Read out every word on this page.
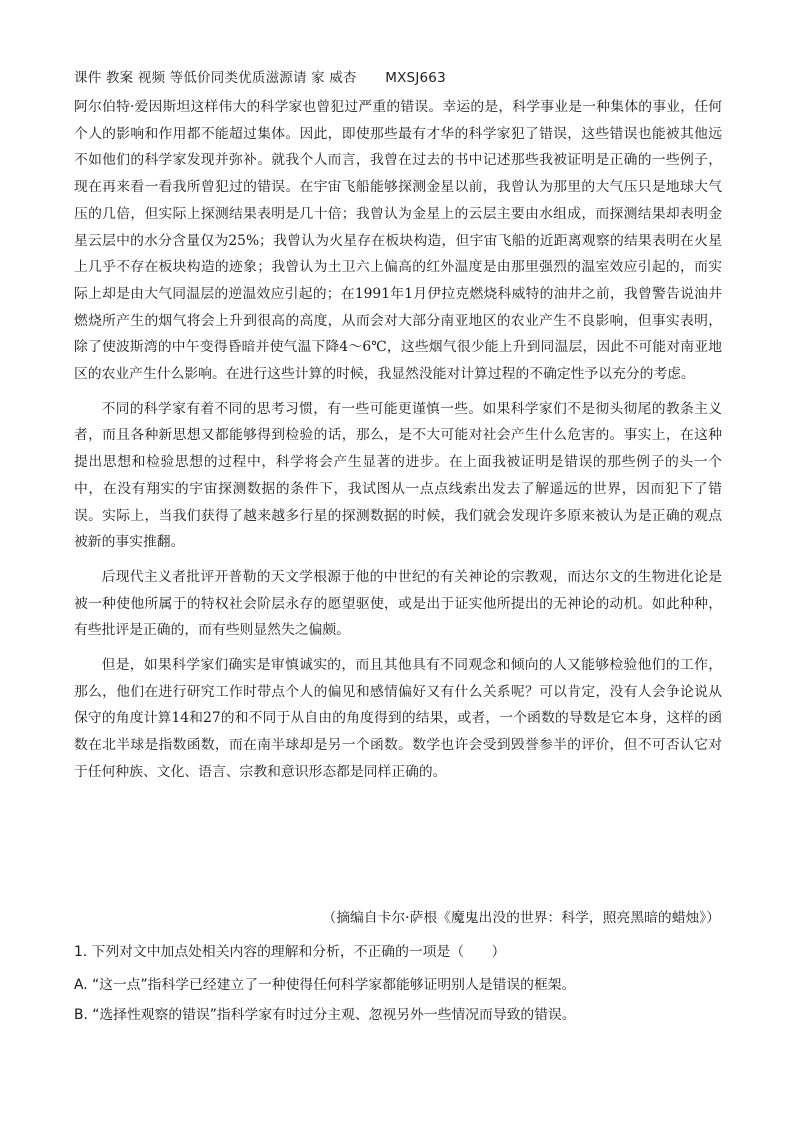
课件 教案 视频 等低价同类优质滋源请 家 威杏 MXSJ663

阿尔伯特·爱因斯坦这样伟大的科学家也曾犯过严重的错误。幸运的是，科学事业是一种集体的事业，任何个人的影响和作用都不能超过集体。因此，即使那些最有才华的科学家犯了错误，这些错误也能被其他远不如他们的科学家发现并弥补。就我个人而言，我曾在过去的书中记述那些我被证明是正确的一些例子，现在再来看一看我所曾犯过的错误。在宇宙飞船能够探测金星以前，我曾认为那里的大气压只是地球大气压的几倍，但实际上探测结果表明是几十倍；我曾认为金星上的云层主要由水组成，而探测结果却表明金星云层中的水分含量仅为25%；我曾认为火星存在板块构造，但宇宙飞船的近距离观察的结果表明在火星上几乎不存在板块构造的迹象；我曾认为土卫六上偏高的红外温度是由那里强烈的温室效应引起的，而实际上却是由大气同温层的逆温效应引起的；在1991年1月伊拉克燃烧科威特的油井之前，我曾警告说油井燃烧所产生的烟气将会上升到很高的高度，从而会对大部分南亚地区的农业产生不良影响，但事实表明，除了使波斯湾的中午变得昏暗并使气温下降4～6℃，这些烟气很少能上升到同温层，因此不可能对南亚地区的农业产生什么影响。在进行这些计算的时候，我显然没能对计算过程的不确定性予以充分的考虑。

不同的科学家有着不同的思考习惯，有一些可能更谨慎一些。如果科学家们不是彻头彻尾的教条主义者，而且各种新思想又都能够得到检验的话，那么，是不大可能对社会产生什么危害的。事实上，在这种提出思想和检验思想的过程中，科学将会产生显著的进步。在上面我被证明是错误的那些例子的头一个中，在没有翔实的宇宙探测数据的条件下，我试图从一点点线索出发去了解遥远的世界，因而犯下了错误。实际上，当我们获得了越来越多行星的探测数据的时候，我们就会发现许多原来被认为是正确的观点被新的事实推翻。

后现代主义者批评开普勒的天文学根源于他的中世纪的有关神论的宗教观，而达尔文的生物进化论是被一种使他所属于的特权社会阶层永存的愿望驱使，或是出于证实他所提出的无神论的动机。如此种种，有些批评是正确的，而有些则显然失之偏颇。

但是，如果科学家们确实是审慎诚实的，而且其他具有不同观念和倾向的人又能够检验他们的工作，那么，他们在进行研究工作时带点个人的偏见和感情偏好又有什么关系呢？可以肯定，没有人会争论说从保守的角度计算14和27的和不同于从自由的角度得到的结果，或者，一个函数的导数是它本身，这样的函数在北半球是指数函数，而在南半球却是另一个函数。数学也许会受到毁誉参半的评价，但不可否认它对于任何种族、文化、语言、宗教和意识形态都是同样正确的。

（摘编自卡尔·萨根《魔鬼出没的世界：科学，照亮黑暗的蜡烛》）
1. 下列对文中加点处相关内容的理解和分析，不正确的一项是（　　）
A. “这一点”指科学已经建立了一种使得任何科学家都能够证明别人是错误的框架。
B. “选择性观察的错误”指科学家有时过分主观、忽视另外一些情况而导致的错误。
